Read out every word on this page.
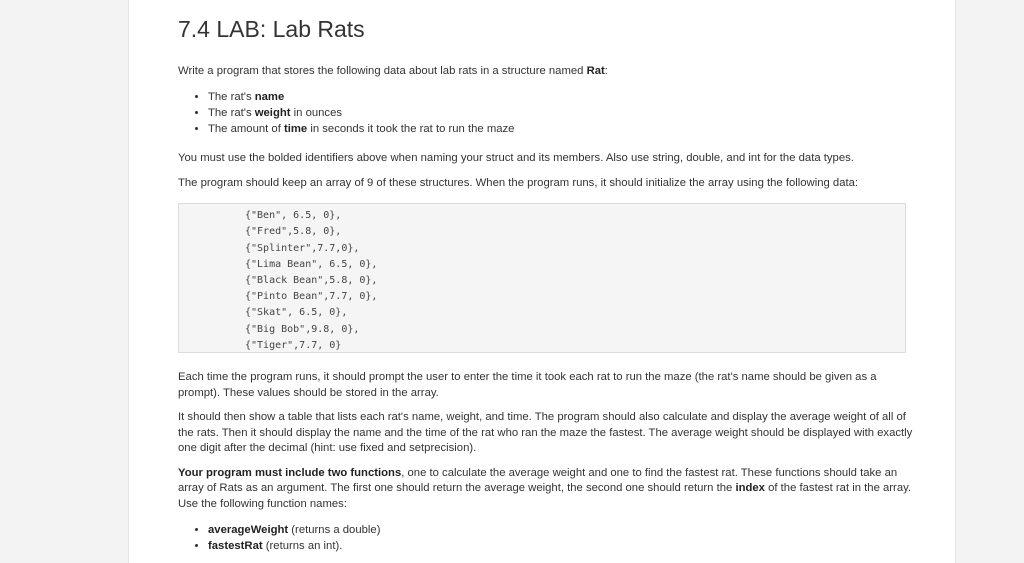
7.4 LAB: Lab Rats

Write a program that stores the following data about lab rats in a structure named Rat:

• The rat's name
• The rat's weight in ounces
• The amount of time in seconds it took the rat to run the maze

You must use the bolded identifiers above when naming your struct and its members. Also use string, double, and int for the data types.

The program should keep an array of 9 of these structures. When the program runs, it should initialize the array using the following data:

{"Ben", 6.5, 0},
{"Fred",5.8, 0},
{"Splinter",7.7,0},
{"Lima Bean", 6.5, 0},
{"Black Bean",5.8, 0},
{"Pinto Bean",7.7, 0},
{"Skat", 6.5, 0},
{"Big Bob",9.8, 0},
{"Tiger",7.7, 0}

Each time the program runs, it should prompt the user to enter the time it took each rat to run the maze (the rat's name should be given as a prompt). These values should be stored in the array.

It should then show a table that lists each rat's name, weight, and time. The program should also calculate and display the average weight of all of the rats. Then it should display the name and the time of the rat who ran the maze the fastest. The average weight should be displayed with exactly one digit after the decimal (hint: use fixed and setprecision).

Your program must include two functions, one to calculate the average weight and one to find the fastest rat. These functions should take an array of Rats as an argument. The first one should return the average weight, the second one should return the index of the fastest rat in the array. Use the following function names:

• averageWeight (returns a double)
• fastestRat (returns an int).
